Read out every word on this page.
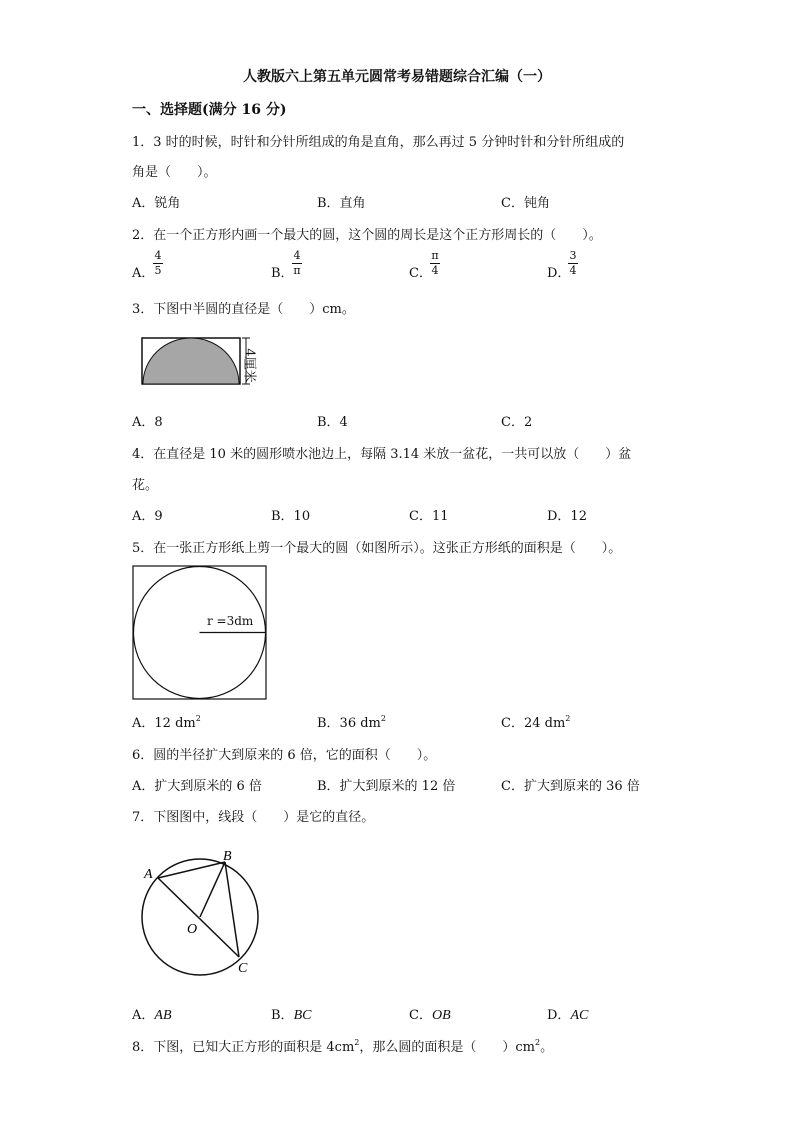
人教版六上第五单元圆常考易错题综合汇编（一）
一、选择题(满分 16 分)
1．3 时的时候，时针和分针所组成的角是直角，那么再过 5 分钟时针和分针所组成的
角是（　　）。
A．锐角	B．直角	C．钝角
2．在一个正方形内画一个最大的圆，这个圆的周长是这个正方形周长的（　　）。
A．
4
5	B．
4
π	C．
π
4	D．
3
4
3．下图中半圆的直径是（　　）cm。
4厘米
A．8	B．4	C．2
4．在直径是 10 米的圆形喷水池边上，每隔 3.14 米放一盆花，一共可以放（　　）盆
花。
A．9	B．10	C．11	D．12
5．在一张正方形纸上剪一个最大的圆（如图所示）。这张正方形纸的面积是（　　）。
r =3dm
A．12 $dm^2$	B．36 $dm^2$	C．24 $dm^2$
6．圆的半径扩大到原来的 6 倍，它的面积（　　）。
A．扩大到原米的 6 倍	B．扩大到原米的 12 倍	C．扩大到原来的 36 倍
7．下图图中，线段（　　）是它的直径。
A
B
O
C
A．AB	B．BC	C．OB	D．AC
8．下图，已知大正方形的面积是 $4cm^2$，那么圆的面积是（　　）$cm^2$。
